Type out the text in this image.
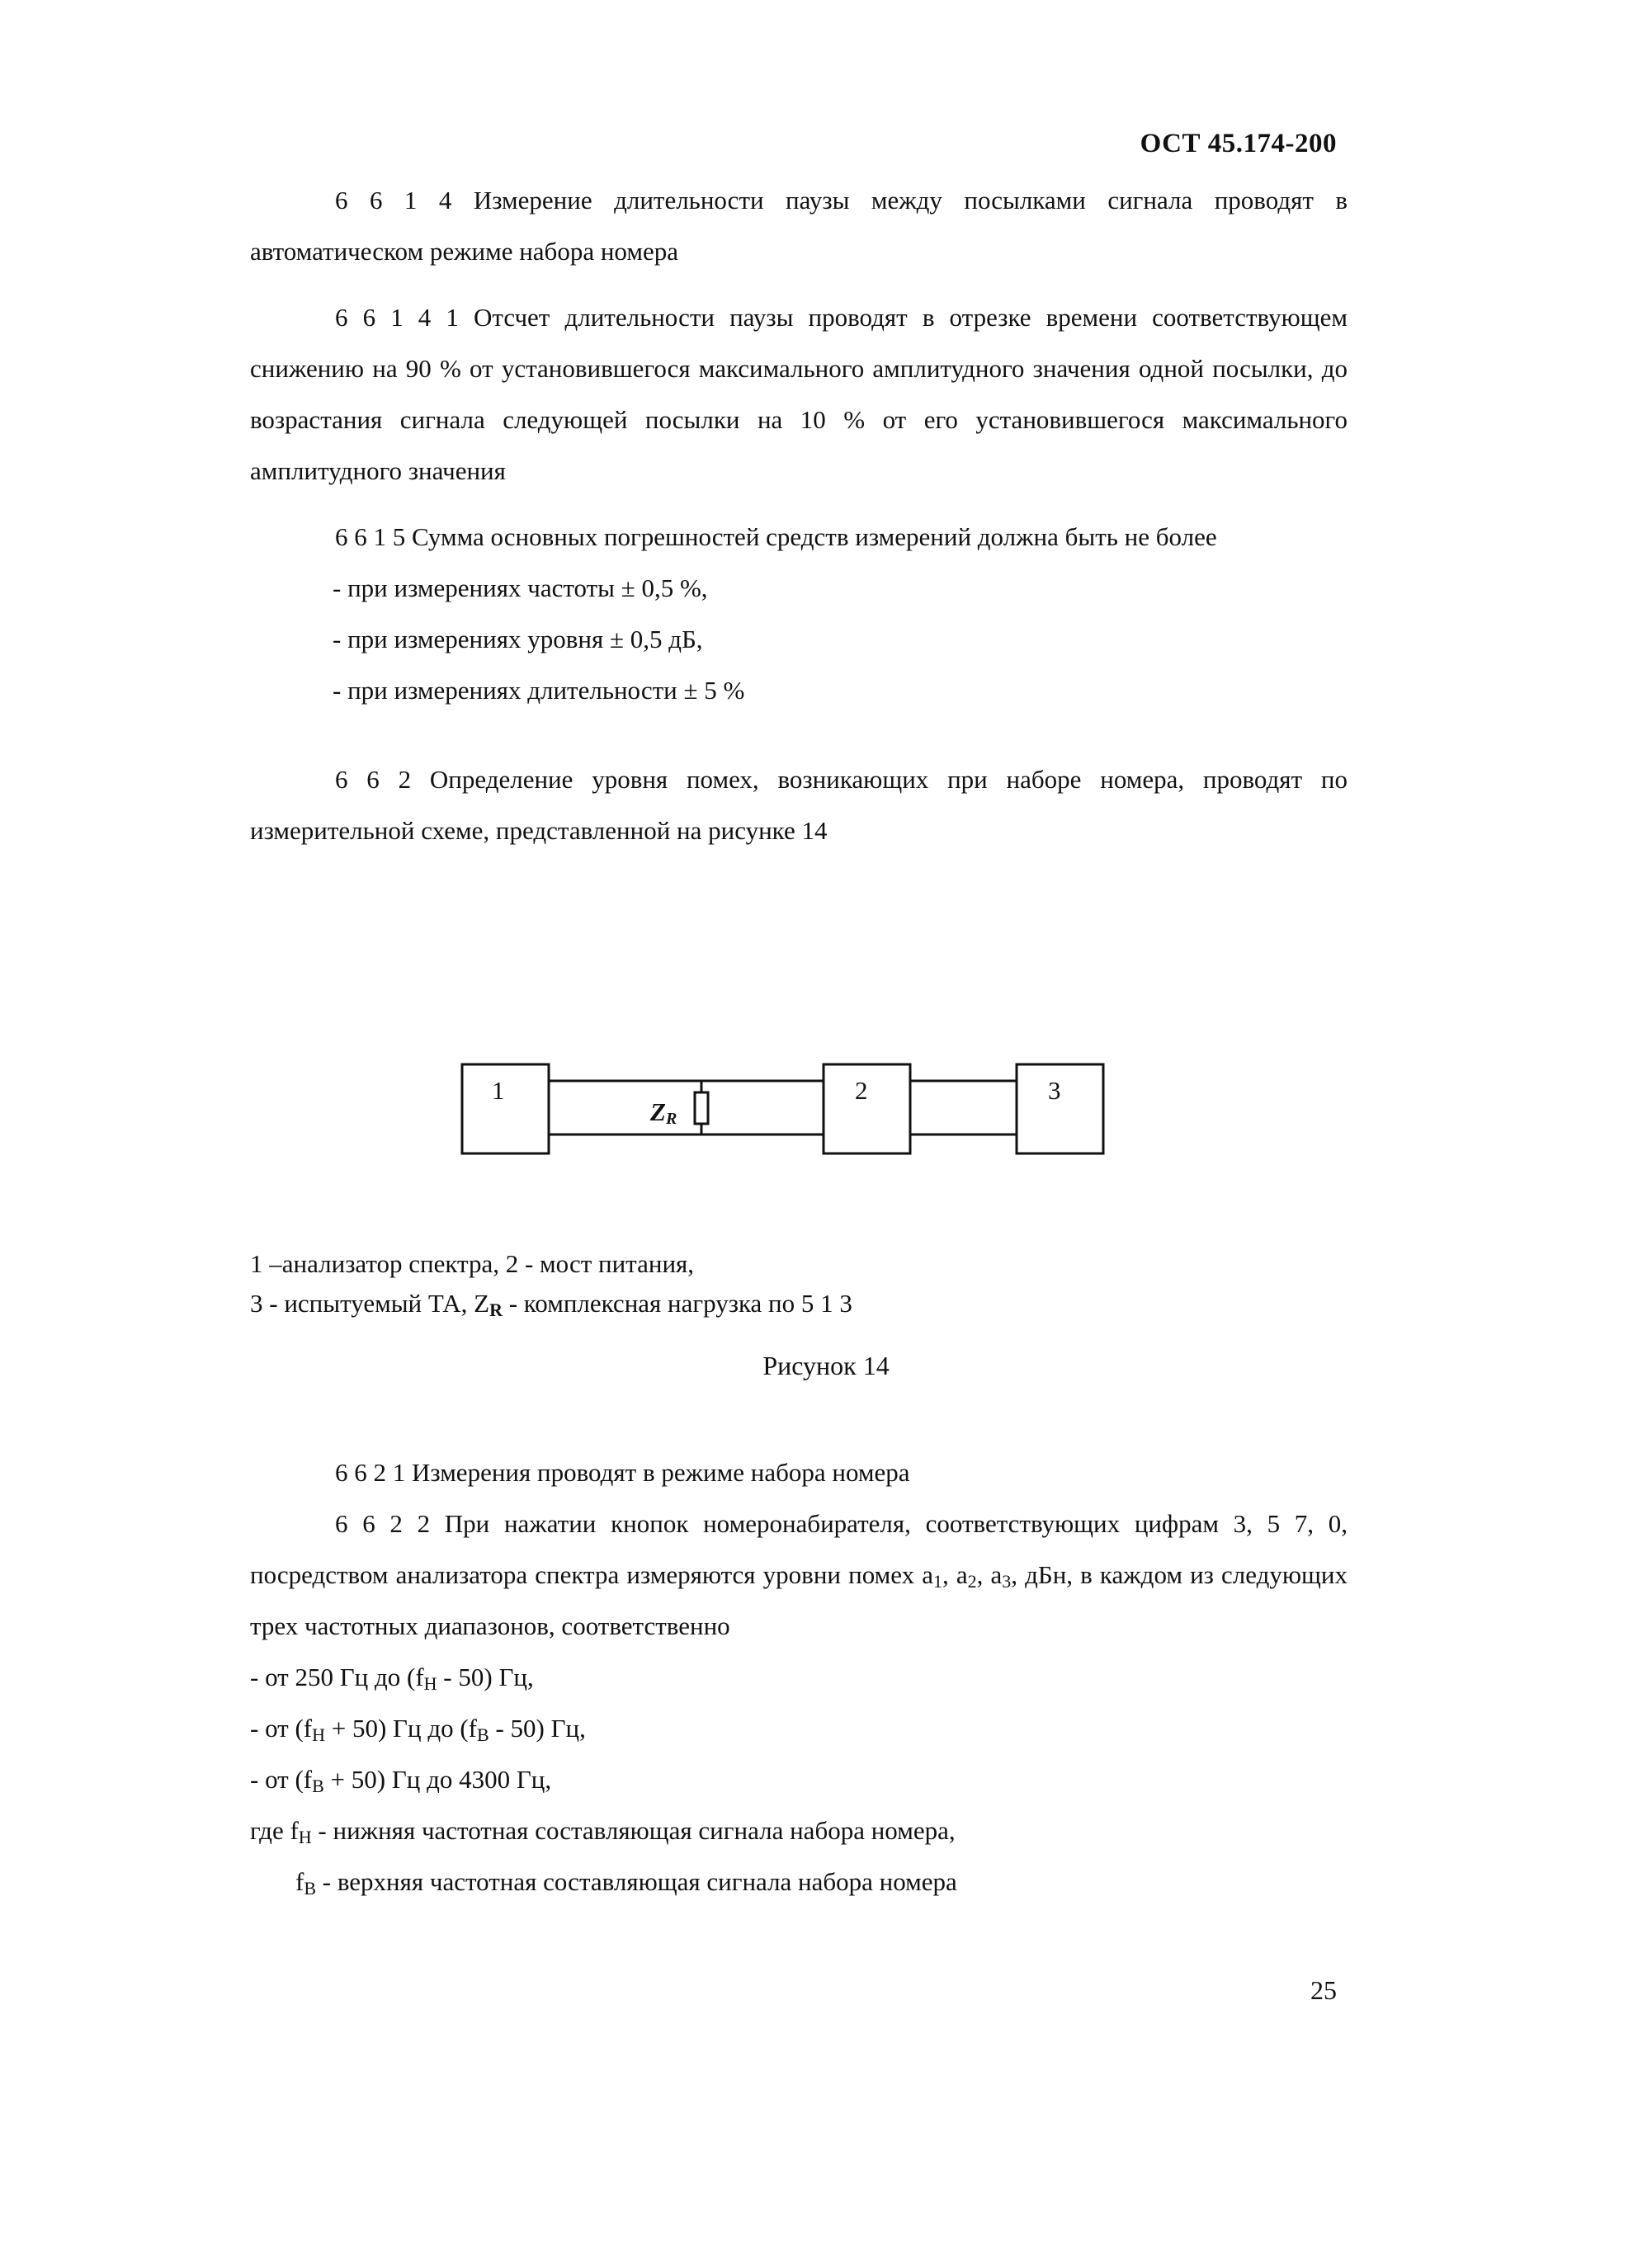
ОСТ 45.174-200

6 6 1 4 Измерение длительности паузы между посылками сигнала проводят в автоматическом режиме набора номера

6 6 1 4 1 Отсчет длительности паузы проводят в отрезке времени соответствующем снижению на 90 % от установившегося максимального амплитудного значения одной посылки, до возрастания сигнала следующей посылки на 10 % от его установившегося максимального амплитудного значения

6 6 1 5 Сумма основных погрешностей средств измерений должна быть не более

- при измерениях частоты ± 0,5 %,

- при измерениях уровня ± 0,5 дБ,

- при измерениях длительности ± 5 %

6 6 2 Определение уровня помех, возникающих при наборе номера, проводят по измерительной схеме, представленной на рисунке 14

1	2	3
ZR
1 –анализатор спектра, 2 - мост питания,
3 - испытуемый ТА, $Z_R$ - комплексная нагрузка по 5 1 3
Рисунок 14

6 6 2 1 Измерения проводят в режиме набора номера

6 6 2 2 При нажатии кнопок номеронабирателя, соответствующих цифрам 3, 5 7, 0, посредством анализатора спектра измеряются уровни помех $a_1$, $a_2$, $a_3$, дБн, в каждом из следующих трех частотных диапазонов, соответственно

- от 250 Гц до $(f_Н - 50)$ Гц,

- от $(f_Н + 50)$ Гц до $(f_В - 50)$ Гц,

- от $(f_В + 50)$ Гц до 4300 Гц,

где $f_Н$ - нижняя частотная составляющая сигнала набора номера,

$f_В$ - верхняя частотная составляющая сигнала набора номера

25
